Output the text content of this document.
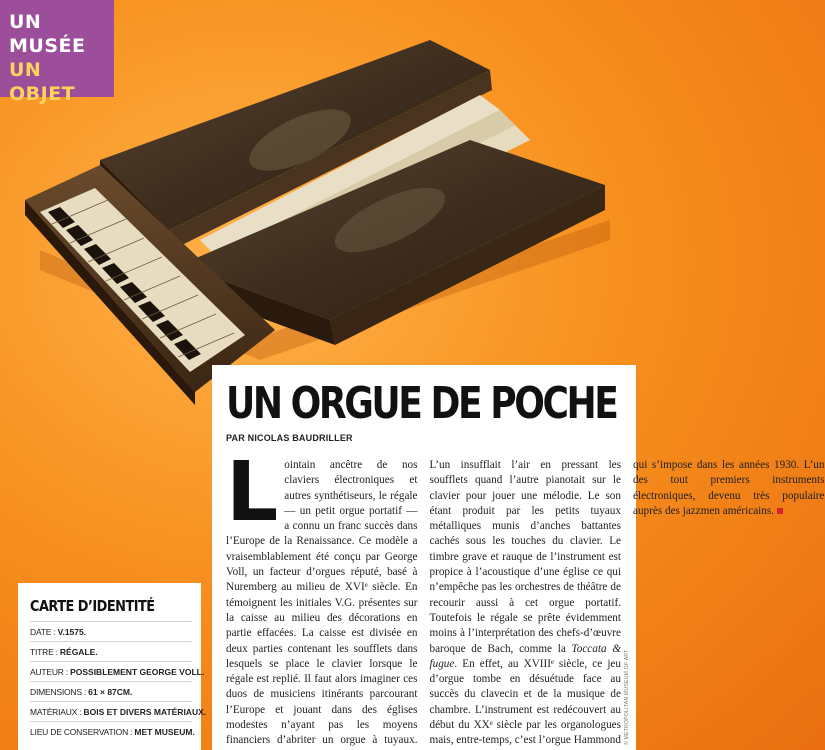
UN MUSÉE
UN OBJET
UN ORGUE DE POCHE

PAR NICOLAS BAUDRILLER

Lointain ancêtre de nos claviers électroniques et autres synthétiseurs, le régale — un petit orgue portatif — a connu un franc succès dans l’Europe de la Renaissance. Ce modèle a vraisemblablement été conçu par George Voll, un facteur d’orgues réputé, basé à Nuremberg au milieu de XVIᵉ siècle. En témoignent les initiales V.G. présentes sur la caisse au milieu des décorations en partie effacées. La caisse est divisée en deux parties contenant les soufflets dans lesquels se place le clavier lorsque le régale est replié. Il faut alors imaginer ces duos de musiciens itinérants parcourant l’Europe et jouant dans des églises modestes n’ayant pas les moyens financiers d’abriter un orgue à tuyaux. L’un insufflait l’air en pressant les soufflets quand l’autre pianotait sur le clavier pour jouer une mélodie. Le son étant produit par les petits tuyaux métalliques munis d’anches battantes cachés sous les touches du clavier. Le timbre grave et rauque de l’instrument est propice à l’acoustique d’une église ce qui n’empêche pas les orchestres de théâtre de recourir aussi à cet orgue portatif. Toutefois le régale se prête évidemment moins à l’interprétation des chefs-d’œuvre baroque de Bach, comme la Toccata & fugue. En effet, au XVIIIᵉ siècle, ce jeu d’orgue tombe en désuétude face au succès du clavecin et de la musique de chambre. L’instrument est redécouvert au début du XXᵉ siècle par les organologues mais, entre-temps, c’est l’orgue Hammond qui s’impose dans les années 1930. L’un des tout premiers instruments électroniques, devenu très populaire auprès des jazzmen américains.

© METROPOLITAN MUSEUM OF ART
CARTE D’IDENTITÉ
DATE : V.1575.
TITRE : RÉGALE.
AUTEUR : POSSIBLEMENT GEORGE VOLL.
DIMENSIONS : 61 × 87CM.
MATÉRIAUX : BOIS ET DIVERS MATÉRIAUX.
LIEU DE CONSERVATION : MET MUSEUM.
